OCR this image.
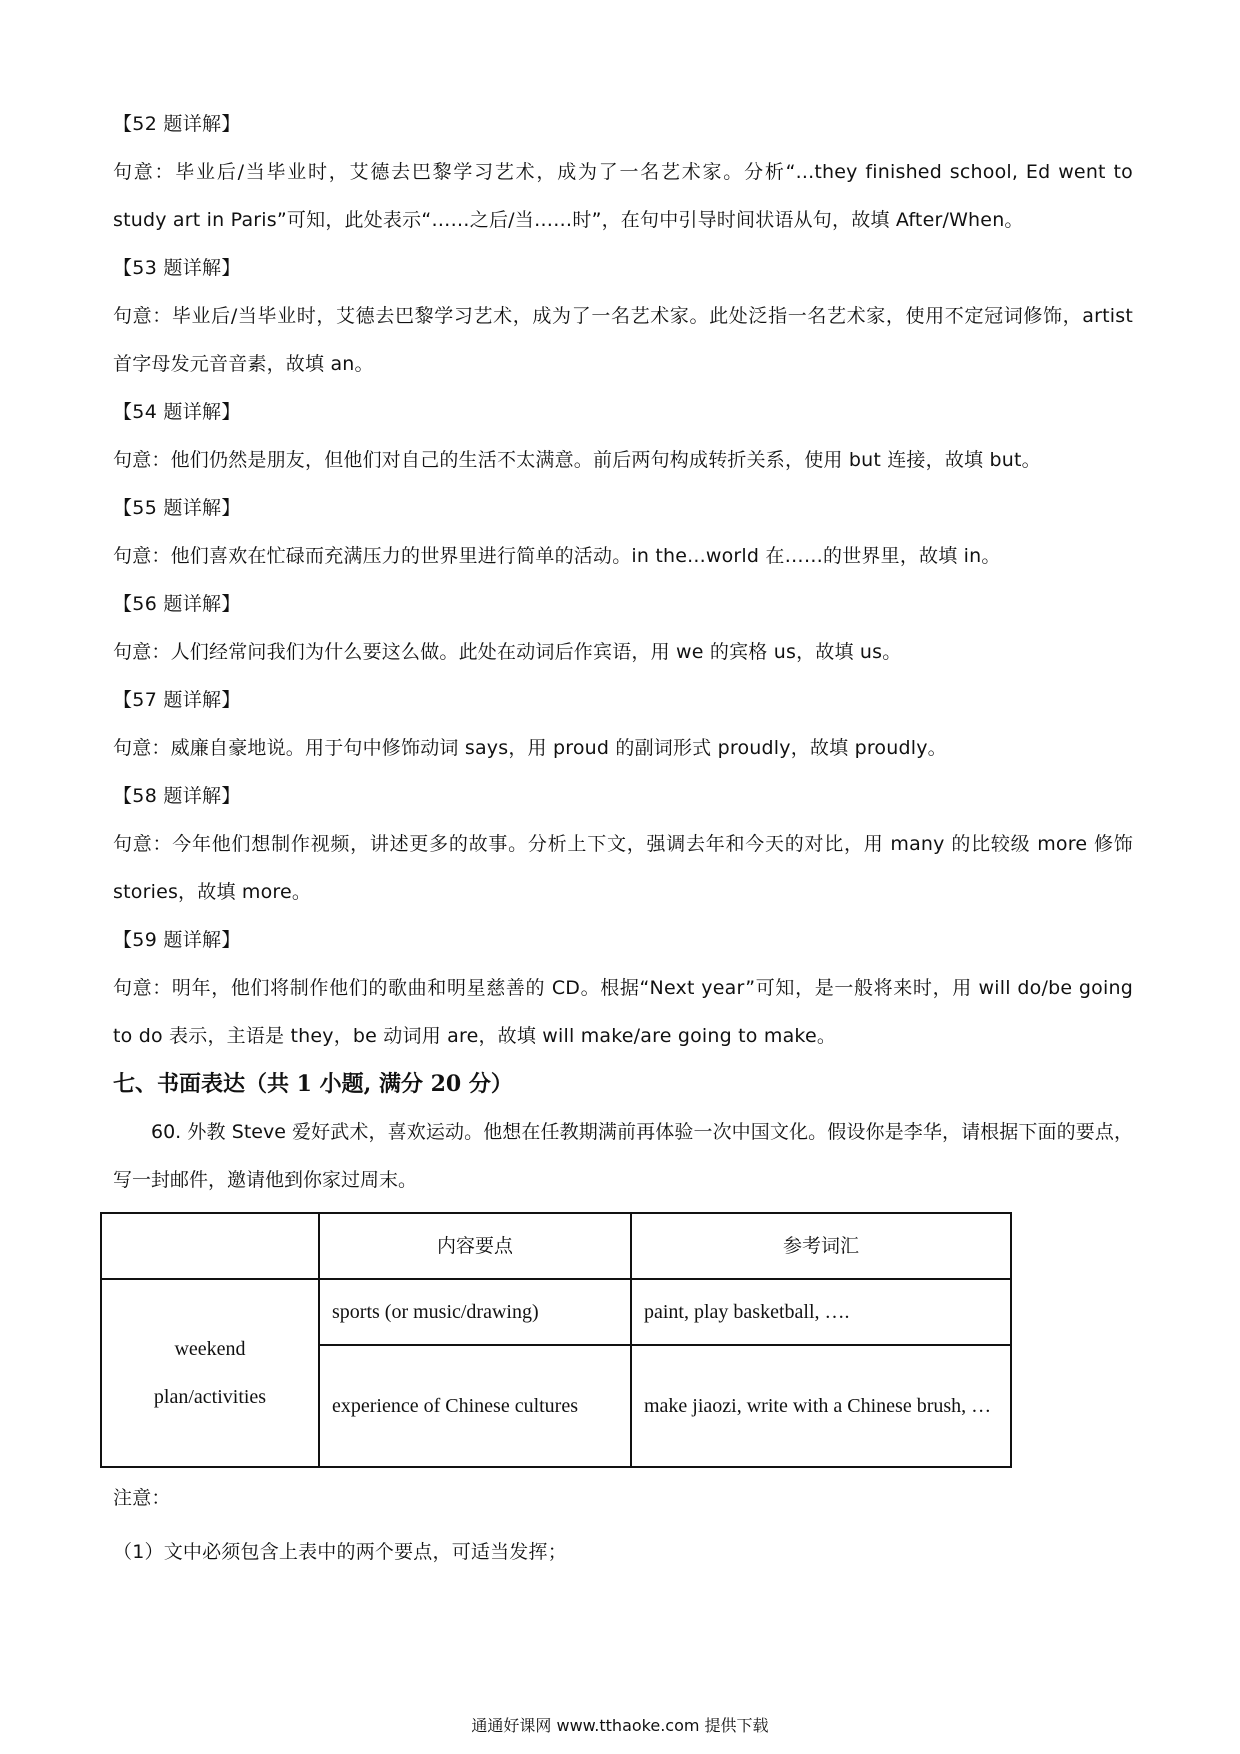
【52 题详解】
句意：毕业后/当毕业时，艾德去巴黎学习艺术，成为了一名艺术家。分析“...they finished school, Ed went to study art in Paris”可知，此处表示“……之后/当……时”，在句中引导时间状语从句，故填 After/When。
【53 题详解】
句意：毕业后/当毕业时，艾德去巴黎学习艺术，成为了一名艺术家。此处泛指一名艺术家，使用不定冠词修饰，artist 首字母发元音音素，故填 an。
【54 题详解】
句意：他们仍然是朋友，但他们对自己的生活不太满意。前后两句构成转折关系，使用 but 连接，故填 but。
【55 题详解】
句意：他们喜欢在忙碌而充满压力的世界里进行简单的活动。in the...world 在……的世界里，故填 in。
【56 题详解】
句意：人们经常问我们为什么要这么做。此处在动词后作宾语，用 we 的宾格 us，故填 us。
【57 题详解】
句意：威廉自豪地说。用于句中修饰动词 says，用 proud 的副词形式 proudly，故填 proudly。
【58 题详解】
句意：今年他们想制作视频，讲述更多的故事。分析上下文，强调去年和今天的对比，用 many 的比较级 more 修饰 stories，故填 more。
【59 题详解】
句意：明年，他们将制作他们的歌曲和明星慈善的 CD。根据“Next year”可知，是一般将来时，用 will do/be going to do 表示，主语是 they，be 动词用 are，故填 will make/are going to make。
七、书面表达（共 1 小题, 满分 20 分）
60. 外教 Steve 爱好武术，喜欢运动。他想在任教期满前再体验一次中国文化。假设你是李华，请根据下面的要点，写一封邮件，邀请他到你家过周末。
	内容要点	参考词汇

weekend
plan/activities	sports (or music/drawing)	paint, play basketball, ….
	experience of Chinese cultures	make jiaozi, write with a Chinese brush, …
注意：
（1）文中必须包含上表中的两个要点，可适当发挥；
通通好课网 www.tthaoke.com 提供下载
